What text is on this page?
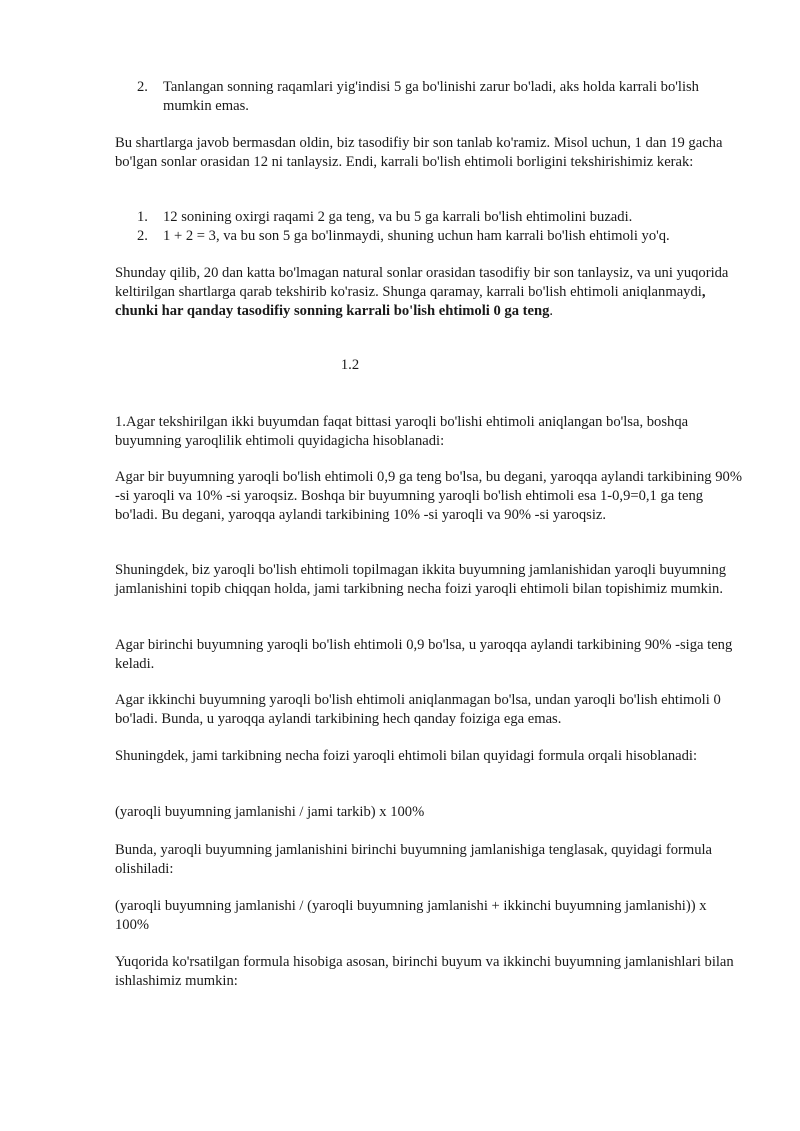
2. Tanlangan sonning raqamlari yig'indisi 5 ga bo'linishi zarur bo'ladi, aks holda karrali bo'lish mumkin emas.

Bu shartlarga javob bermasdan oldin, biz tasodifiy bir son tanlab ko'ramiz. Misol uchun, 1 dan 19 gacha bo'lgan sonlar orasidan 12 ni tanlaysiz. Endi, karrali bo'lish ehtimoli borligini tekshirishimiz kerak:

1. 12 sonining oxirgi raqami 2 ga teng, va bu 5 ga karrali bo'lish ehtimolini buzadi.
2. 1 + 2 = 3, va bu son 5 ga bo'linmaydi, shuning uchun ham karrali bo'lish ehtimoli yo'q.

Shunday qilib, 20 dan katta bo'lmagan natural sonlar orasidan tasodifiy bir son tanlaysiz, va uni yuqorida keltirilgan shartlarga qarab tekshirib ko'rasiz. Shunga qaramay, karrali bo'lish ehtimoli aniqlanmaydi, chunki har qanday tasodifiy sonning karrali bo'lish ehtimoli 0 ga teng.

1.2

1.Agar tekshirilgan ikki buyumdan faqat bittasi yaroqli bo'lishi ehtimoli aniqlangan bo'lsa, boshqa buyumning yaroqlilik ehtimoli quyidagicha hisoblanadi:

Agar bir buyumning yaroqli bo'lish ehtimoli 0,9 ga teng bo'lsa, bu degani, yaroqqa aylandi tarkibining 90% -si yaroqli va 10% -si yaroqsiz. Boshqa bir buyumning yaroqli bo'lish ehtimoli esa 1-0,9=0,1 ga teng bo'ladi. Bu degani, yaroqqa aylandi tarkibining 10% -si yaroqli va 90% -si yaroqsiz.

Shuningdek, biz yaroqli bo'lish ehtimoli topilmagan ikkita buyumning jamlanishidan yaroqli buyumning jamlanishini topib chiqqan holda, jami tarkibning necha foizi yaroqli ehtimoli bilan topishimiz mumkin.

Agar birinchi buyumning yaroqli bo'lish ehtimoli 0,9 bo'lsa, u yaroqqa aylandi tarkibining 90% -siga teng keladi.

Agar ikkinchi buyumning yaroqli bo'lish ehtimoli aniqlanmagan bo'lsa, undan yaroqli bo'lish ehtimoli 0 bo'ladi. Bunda, u yaroqqa aylandi tarkibining hech qanday foiziga ega emas.

Shuningdek, jami tarkibning necha foizi yaroqli ehtimoli bilan quyidagi formula orqali hisoblanadi:

(yaroqli buyumning jamlanishi / jami tarkib) x 100%

Bunda, yaroqli buyumning jamlanishini birinchi buyumning jamlanishiga tenglasak, quyidagi formula olishiladi:

(yaroqli buyumning jamlanishi / (yaroqli buyumning jamlanishi + ikkinchi buyumning jamlanishi)) x 100%

Yuqorida ko'rsatilgan formula hisobiga asosan, birinchi buyum va ikkinchi buyumning jamlanishlari bilan ishlashimiz mumkin:
